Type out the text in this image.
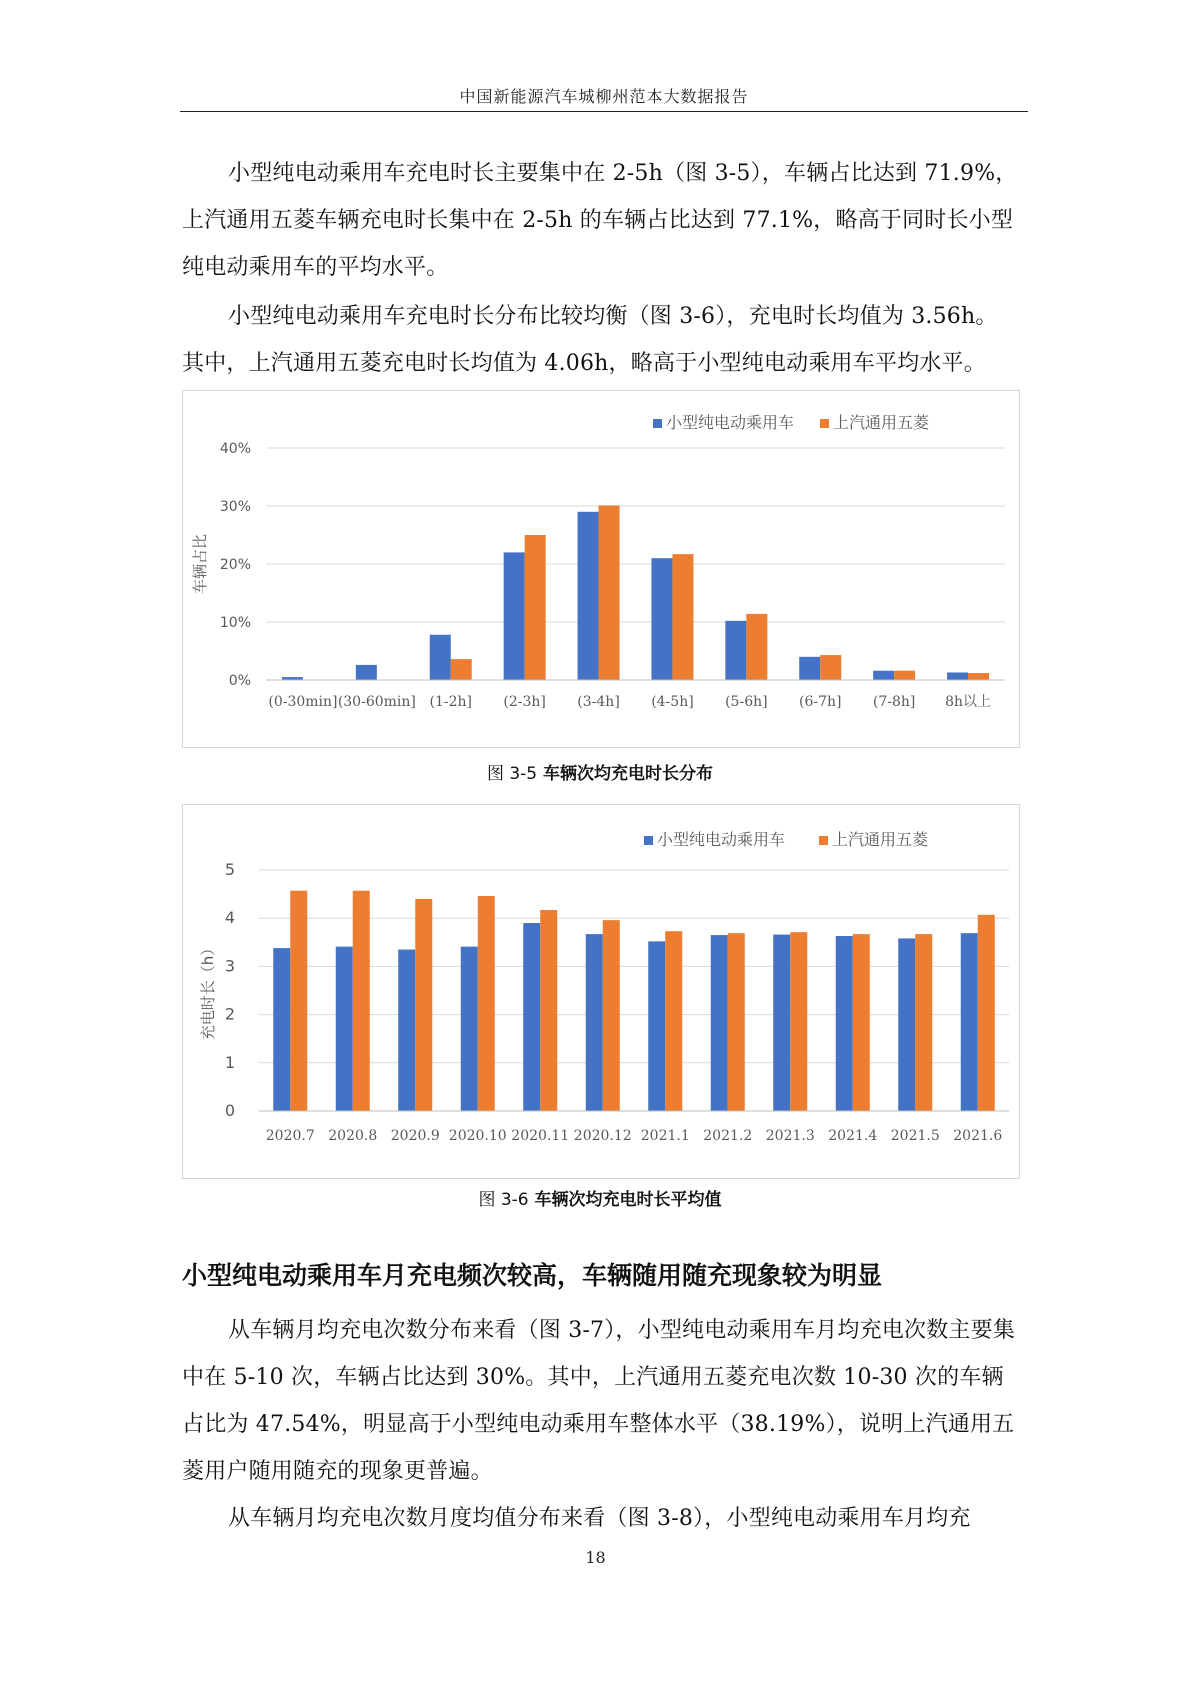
中国新能源汽车城柳州范本大数据报告

小型纯电动乘用车充电时长主要集中在 2-5h（图 3-5），车辆占比达到 71.9%，上汽通用五菱车辆充电时长集中在 2-5h 的车辆占比达到 77.1%，略高于同时长小型纯电动乘用车的平均水平。

小型纯电动乘用车充电时长分布比较均衡（图 3-6），充电时长均值为 3.56h。其中，上汽通用五菱充电时长均值为 4.06h，略高于小型纯电动乘用车平均水平。

0%
10%
20%
30%
40%
车辆占比
(0-30min] (30-60min] (1-2h] (2-3h] (3-4h] (4-5h] (5-6h] (6-7h] (7-8h] 8h以上
小型纯电动乘用车 上汽通用五菱
图 3-5 车辆次均充电时长分布
0
1
2
3
4
5
充电时长（h）
2020.7 2020.8 2020.9 2020.10 2020.11 2020.12 2021.1 2021.2 2021.3 2021.4 2021.5 2021.6
小型纯电动乘用车	上汽通用五菱
图 3-6 车辆次均充电时长平均值
小型纯电动乘用车月充电频次较高，车辆随用随充现象较为明显

从车辆月均充电次数分布来看（图 3-7），小型纯电动乘用车月均充电次数主要集中在 5-10 次，车辆占比达到 30%。其中，上汽通用五菱充电次数 10-30 次的车辆占比为 47.54%，明显高于小型纯电动乘用车整体水平（38.19%），说明上汽通用五菱用户随用随充的现象更普遍。

从车辆月均充电次数月度均值分布来看（图 3-8），小型纯电动乘用车月均充

18
